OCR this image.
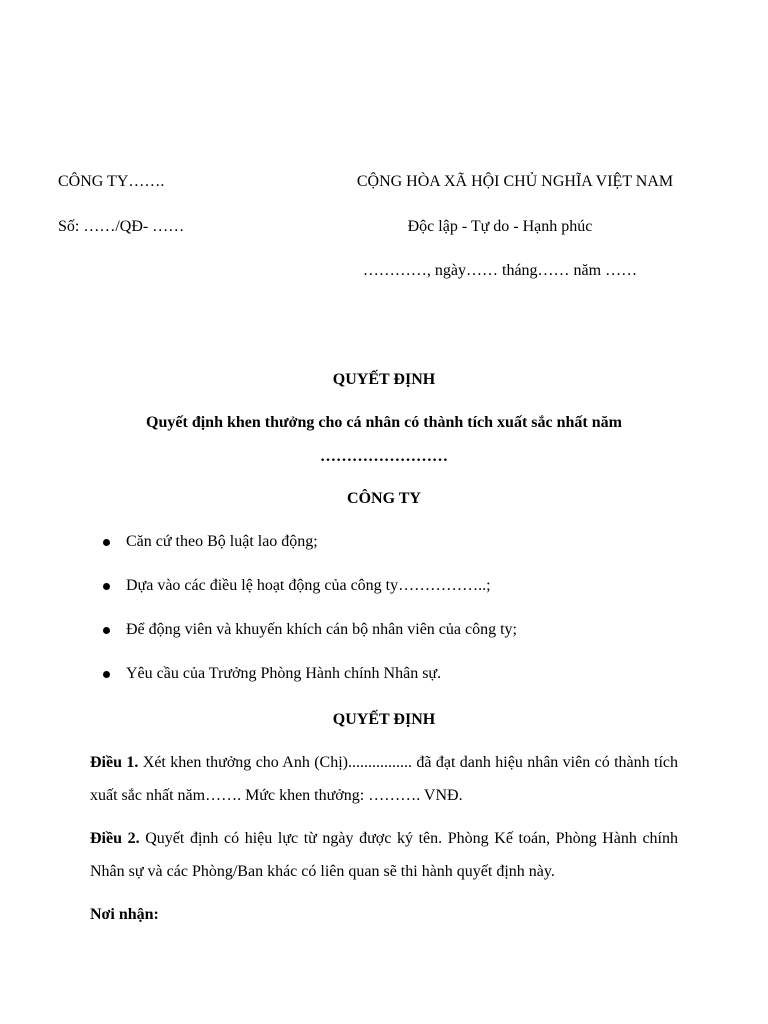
CÔNG TY…….
Số: ……/QĐ- ……
CỘNG HÒA XÃ HỘI CHỦ NGHĨA VIỆT NAM
Độc lập - Tự do - Hạnh phúc
…………, ngày…… tháng…… năm ……
QUYẾT ĐỊNH
Quyết định khen thưởng cho cá nhân có thành tích xuất sắc nhất năm
……………………
CÔNG TY
Căn cứ theo Bộ luật lao động;
Dựa vào các điều lệ hoạt động của công ty……………..;
Để động viên và khuyến khích cán bộ nhân viên của công ty;
Yêu cầu của Trưởng Phòng Hành chính Nhân sự.
QUYẾT ĐỊNH
Điều 1. Xét khen thưởng cho Anh (Chị)................ đã đạt danh hiệu nhân viên có thành tích xuất sắc nhất năm……. Mức khen thưởng: ………. VNĐ.
Điều 2. Quyết định có hiệu lực từ ngày được ký tên. Phòng Kế toán, Phòng Hành chính Nhân sự và các Phòng/Ban khác có liên quan sẽ thi hành quyết định này.
Nơi nhận:
